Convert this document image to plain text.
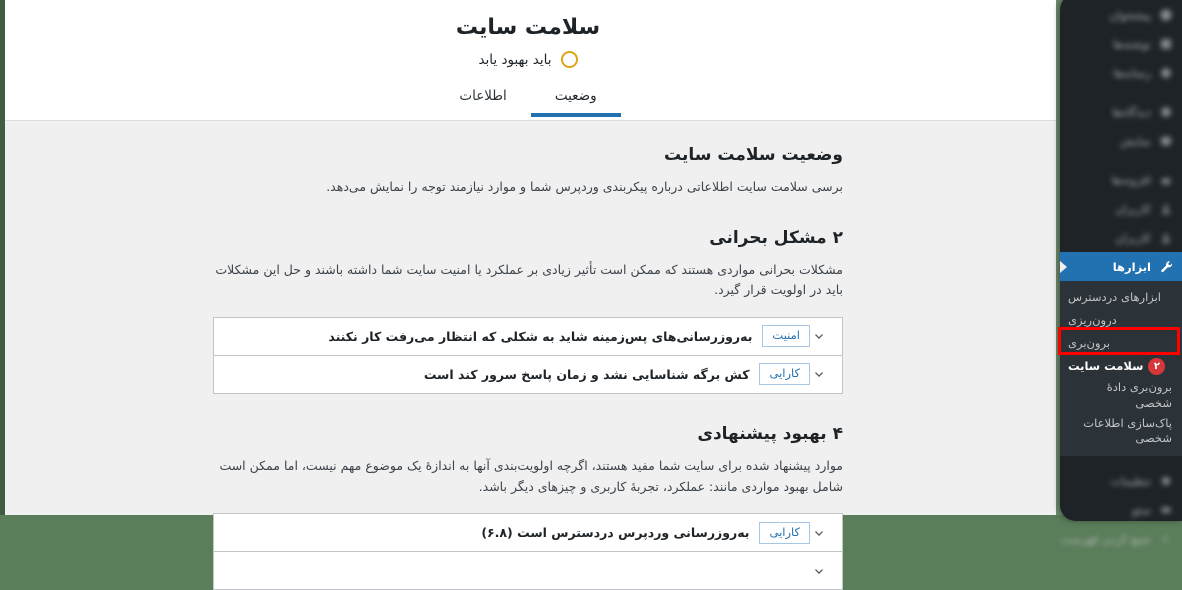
سلامت سایت
باید بهبود یابد
وضعیت
اطلاعات
وضعیت سلامت سایت

برسی سلامت سایت اطلاعاتی درباره پیکربندی وردپرس شما و موارد نیازمند توجه را نمایش می‌دهد.

۲ مشکل بحرانی

مشکلات بحرانی مواردی هستند که ممکن است تأثیر زیادی بر عملکرد یا امنیت سایت شما داشته باشند و حل این مشکلات باید در اولویت قرار گیرد.

امنیت
به‌روزرسانی‌های پس‌زمینه شاید به شکلی که انتظار می‌رفت کار نکنند
کارایی
کش برگه شناسایی نشد و زمان پاسخ سرور کند است
۴ بهبود پیشنهادی

موارد پیشنهاد شده برای سایت شما مفید هستند، اگرچه اولویت‌بندی آنها به اندازهٔ یک موضوع مهم نیست، اما ممکن است شامل بهبود مواردی مانند: عملکرد، تجربهٔ کاربری و چیزهای دیگر باشد.

کارایی
به‌روزرسانی وردپرس دردسترس است (۶.۸)
پیشخوان
نوشته‌ها
رسانه‌ها
دیدگاه‌ها
نمایش
افزونه‌ها
کاربران
کاربران
ابزارها
ابزارهای دردسترس
درون‌ریزی
برون‌بری
۲
سلامت سایت
برون‌بری دادهٔ شخصی
پاک‌سازی اطلاعات شخصی
تنظیمات
سئو
جمع کردن فهرست
